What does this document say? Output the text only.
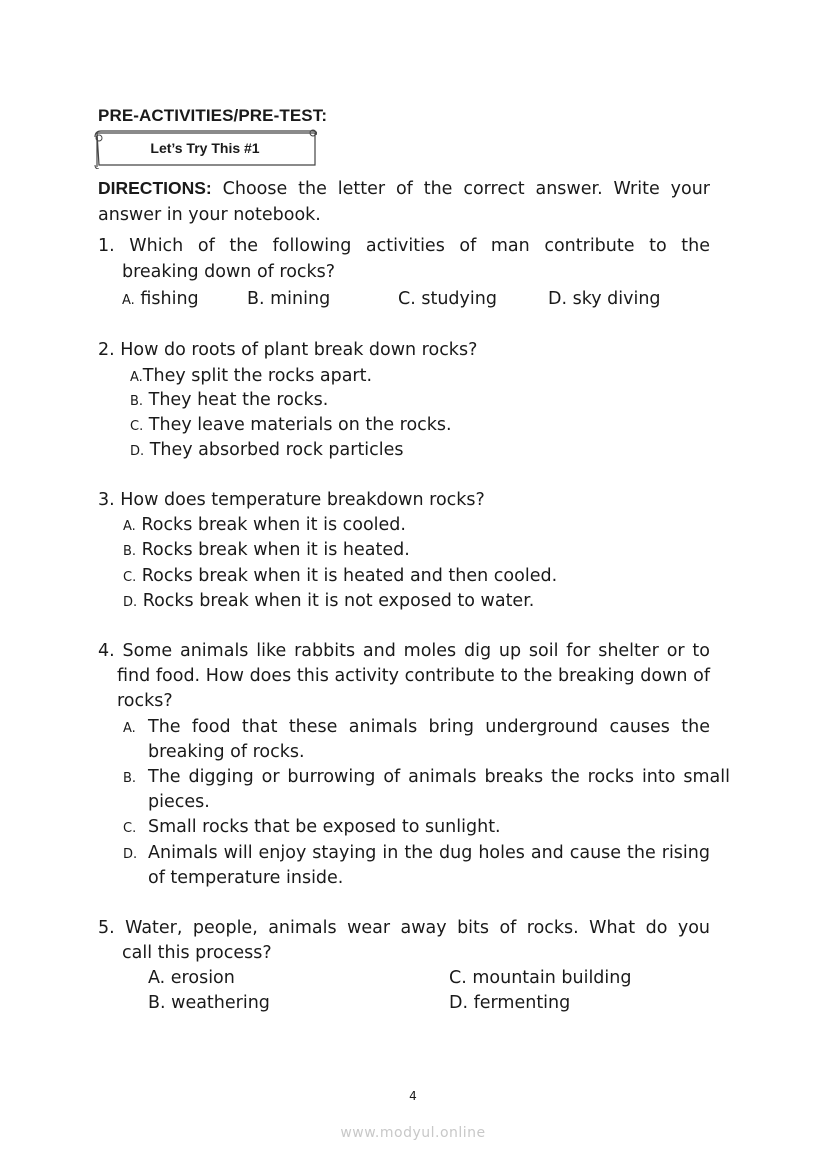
PRE-ACTIVITIES/PRE-TEST:
Let’s Try This #1
DIRECTIONS: Choose the letter of the correct answer. Write your answer in your notebook.
1. Which of the following activities of man contribute to the
breaking down of rocks?
A. fishing	B. mining	C. studying	D. sky diving
2. How do roots of plant break down rocks?
A.They split the rocks apart.
B. They heat the rocks.
C. They leave materials on the rocks.
D. They absorbed rock particles
3. How does temperature breakdown rocks?
A. Rocks break when it is cooled.
B. Rocks break when it is heated.
C. Rocks break when it is heated and then cooled.
D. Rocks break when it is not exposed to water.
4. Some animals like rabbits and moles dig up soil for shelter or to
find food. How does this activity contribute to the breaking down of rocks?
A. The food that these animals bring underground causes the breaking of rocks.
B. The digging or burrowing of animals breaks the rocks into small pieces.
C. Small rocks that be exposed to sunlight.
D. Animals will enjoy staying in the dug holes and cause the rising of temperature inside.
5. Water, people, animals wear away bits of rocks. What do you
call this process?
A. erosion	C. mountain building
B. weathering	D. fermenting
4
www.modyul.online
